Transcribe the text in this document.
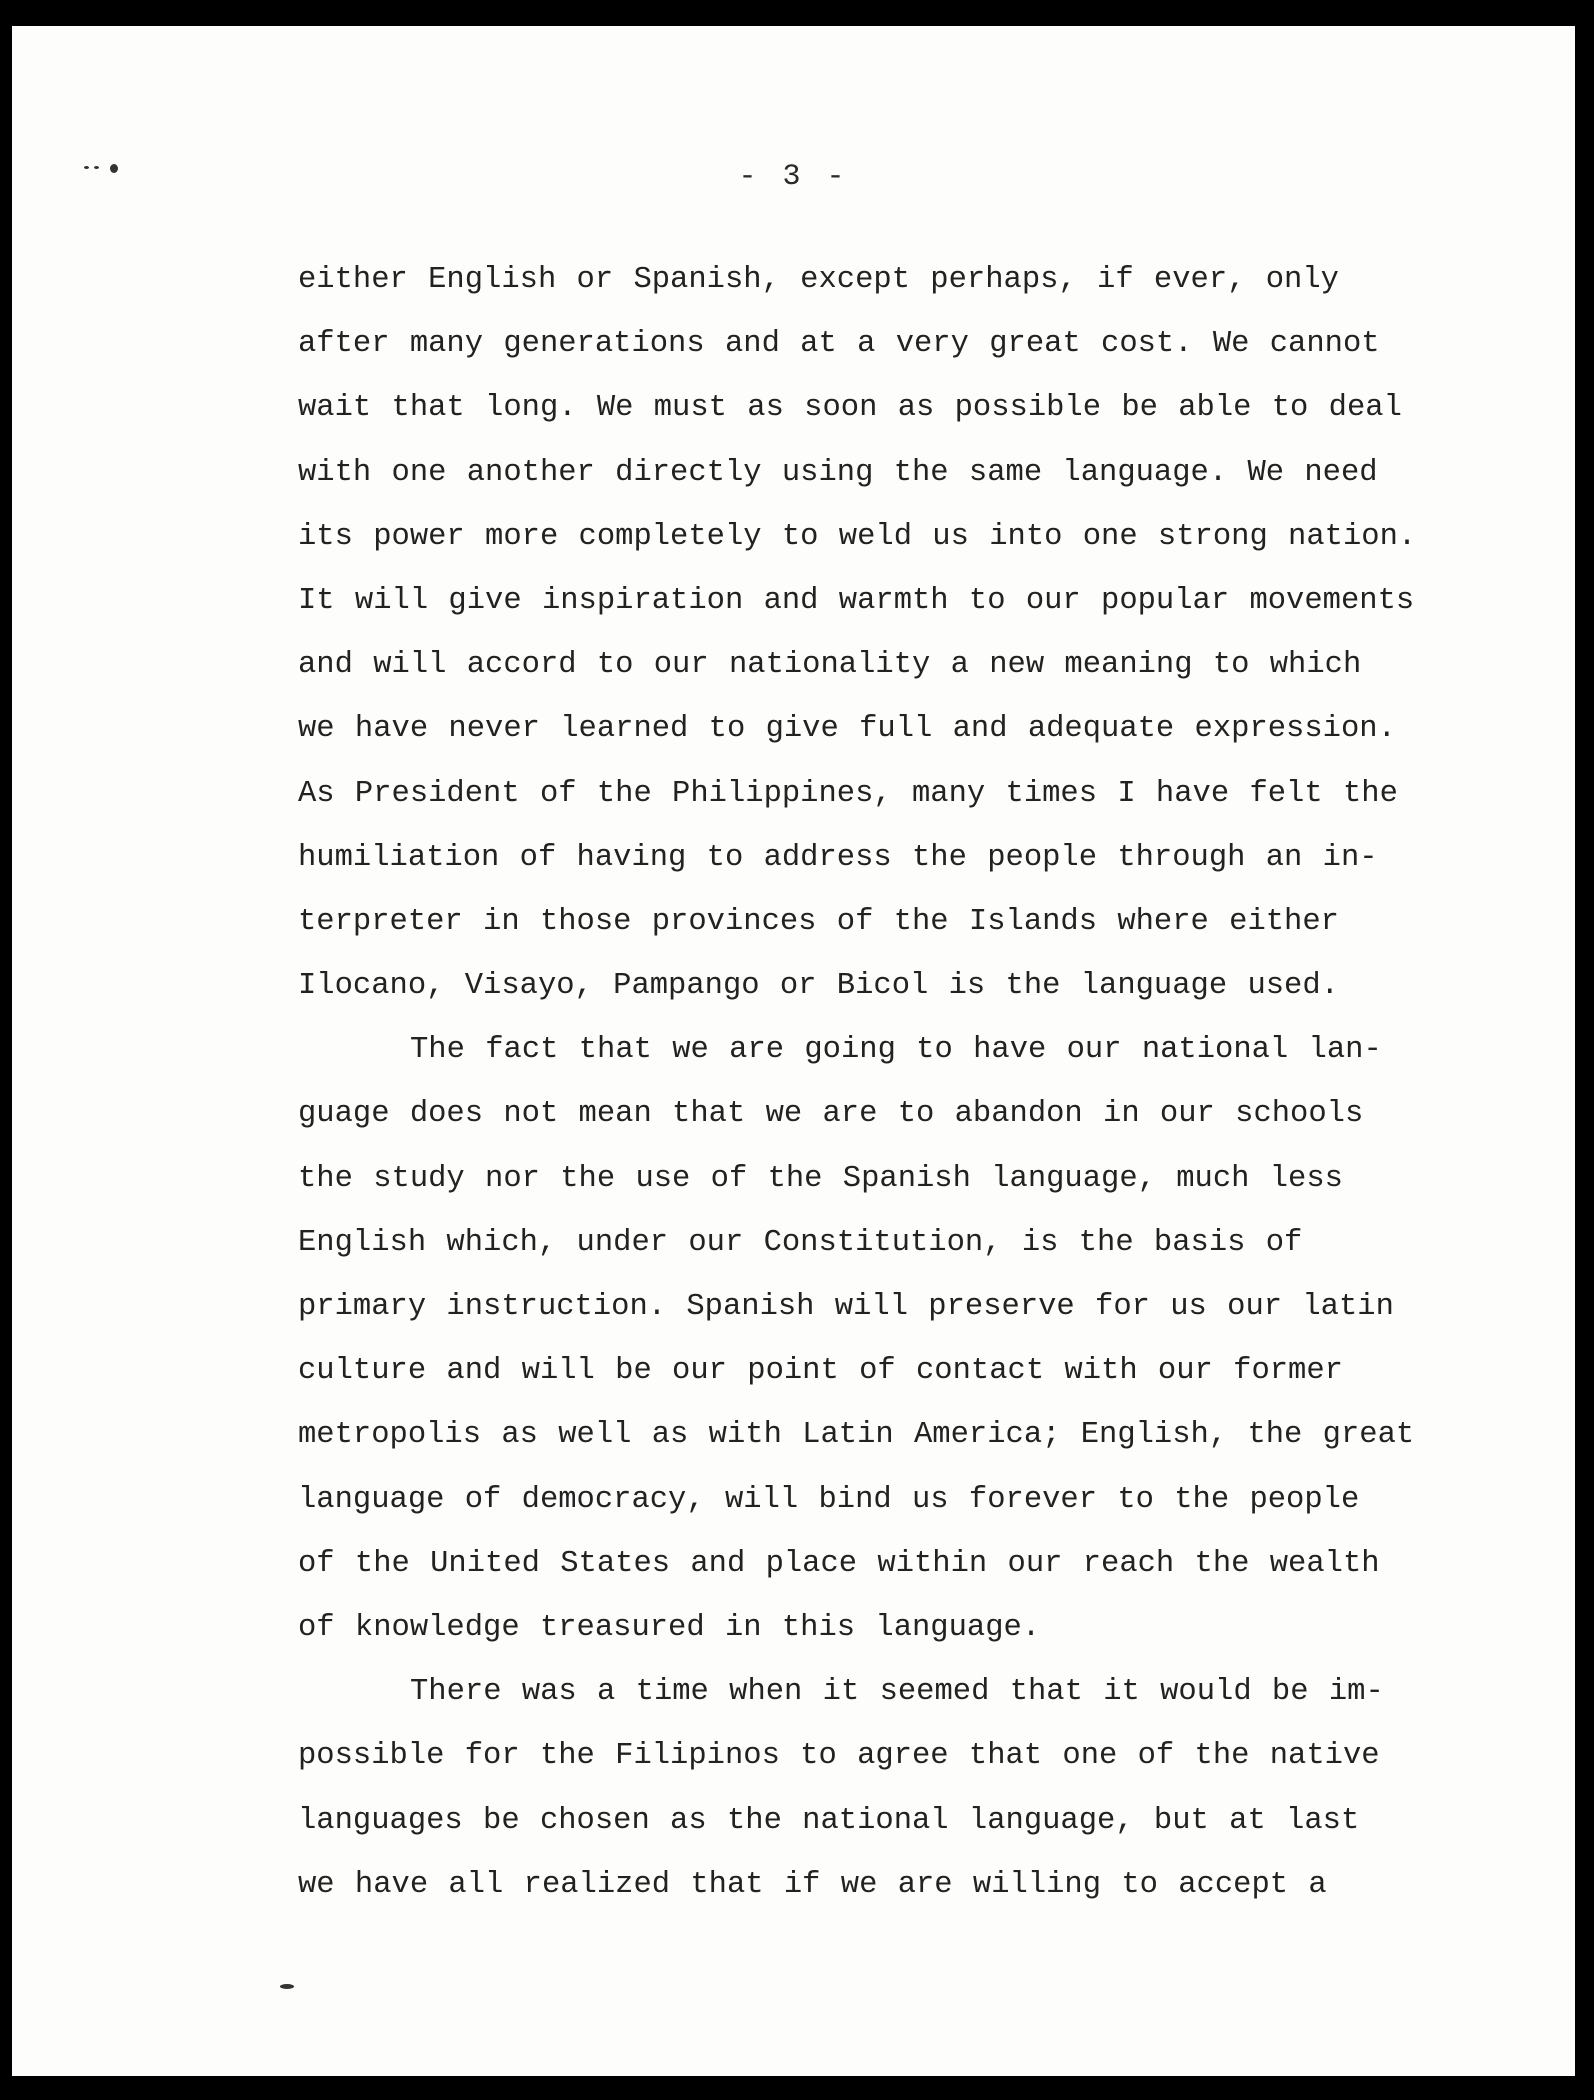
- 3 -
either English or Spanish, except perhaps, if ever, only
after many generations and at a very great cost. We cannot
wait that long. We must as soon as possible be able to deal
with one another directly using the same language. We need
its power more completely to weld us into one strong nation.
It will give inspiration and warmth to our popular movements
and will accord to our nationality a new meaning to which
we have never learned to give full and adequate expression.
As President of the Philippines, many times I have felt the
humiliation of having to address the people through an in-
terpreter in those provinces of the Islands where either
Ilocano, Visayo, Pampango or Bicol is the language used.
The fact that we are going to have our national lan-
guage does not mean that we are to abandon in our schools
the study nor the use of the Spanish language, much less
English which, under our Constitution, is the basis of
primary instruction. Spanish will preserve for us our latin
culture and will be our point of contact with our former
metropolis as well as with Latin America; English, the great
language of democracy, will bind us forever to the people
of the United States and place within our reach the wealth
of knowledge treasured in this language.
There was a time when it seemed that it would be im-
possible for the Filipinos to agree that one of the native
languages be chosen as the national language, but at last
we have all realized that if we are willing to accept a
